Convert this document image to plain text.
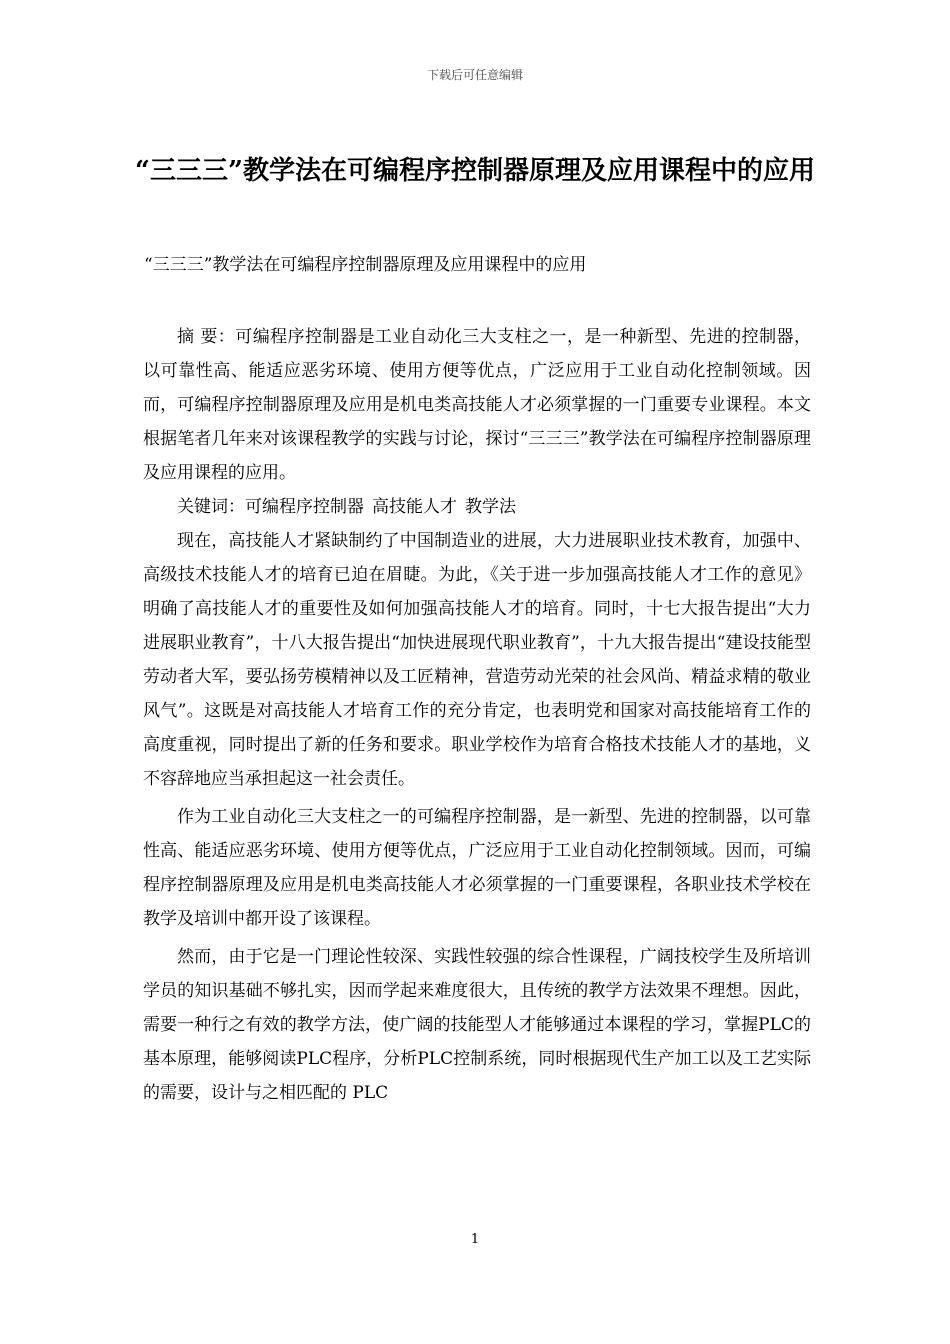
下载后可任意编辑
“三三三”教学法在可编程序控制器原理及应用课程中的应用
“三三三”教学法在可编程序控制器原理及应用课程中的应用

摘 要：可编程序控制器是工业自动化三大支柱之一，是一种新型、先进的控制器，以可靠性高、能适应恶劣环境、使用方便等优点，广泛应用于工业自动化控制领域。因而，可编程序控制器原理及应用是机电类高技能人才必须掌握的一门重要专业课程。本文根据笔者几年来对该课程教学的实践与讨论，探讨“三三三”教学法在可编程序控制器原理及应用课程的应用。

关键词：可编程序控制器 高技能人才 教学法

现在，高技能人才紧缺制约了中国制造业的进展，大力进展职业技术教育，加强中、高级技术技能人才的培育已迫在眉睫。为此，《关于进一步加强高技能人才工作的意见》明确了高技能人才的重要性及如何加强高技能人才的培育。同时，十七大报告提出“大力进展职业教育”，十八大报告提出“加快进展现代职业教育”，十九大报告提出“建设技能型劳动者大军，要弘扬劳模精神以及工匠精神，营造劳动光荣的社会风尚、精益求精的敬业风气”。这既是对高技能人才培育工作的充分肯定，也表明党和国家对高技能培育工作的高度重视，同时提出了新的任务和要求。职业学校作为培育合格技术技能人才的基地，义不容辞地应当承担起这一社会责任。

作为工业自动化三大支柱之一的可编程序控制器，是一新型、先进的控制器，以可靠性高、能适应恶劣环境、使用方便等优点，广泛应用于工业自动化控制领域。因而，可编程序控制器原理及应用是机电类高技能人才必须掌握的一门重要课程，各职业技术学校在教学及培训中都开设了该课程。

然而，由于它是一门理论性较深、实践性较强的综合性课程，广阔技校学生及所培训学员的知识基础不够扎实，因而学起来难度很大，且传统的教学方法效果不理想。因此，需要一种行之有效的教学方法，使广阔的技能型人才能够通过本课程的学习，掌握PLC的基本原理，能够阅读PLC程序，分析PLC控制系统，同时根据现代生产加工以及工艺实际的需要，设计与之相匹配的 PLC

1
